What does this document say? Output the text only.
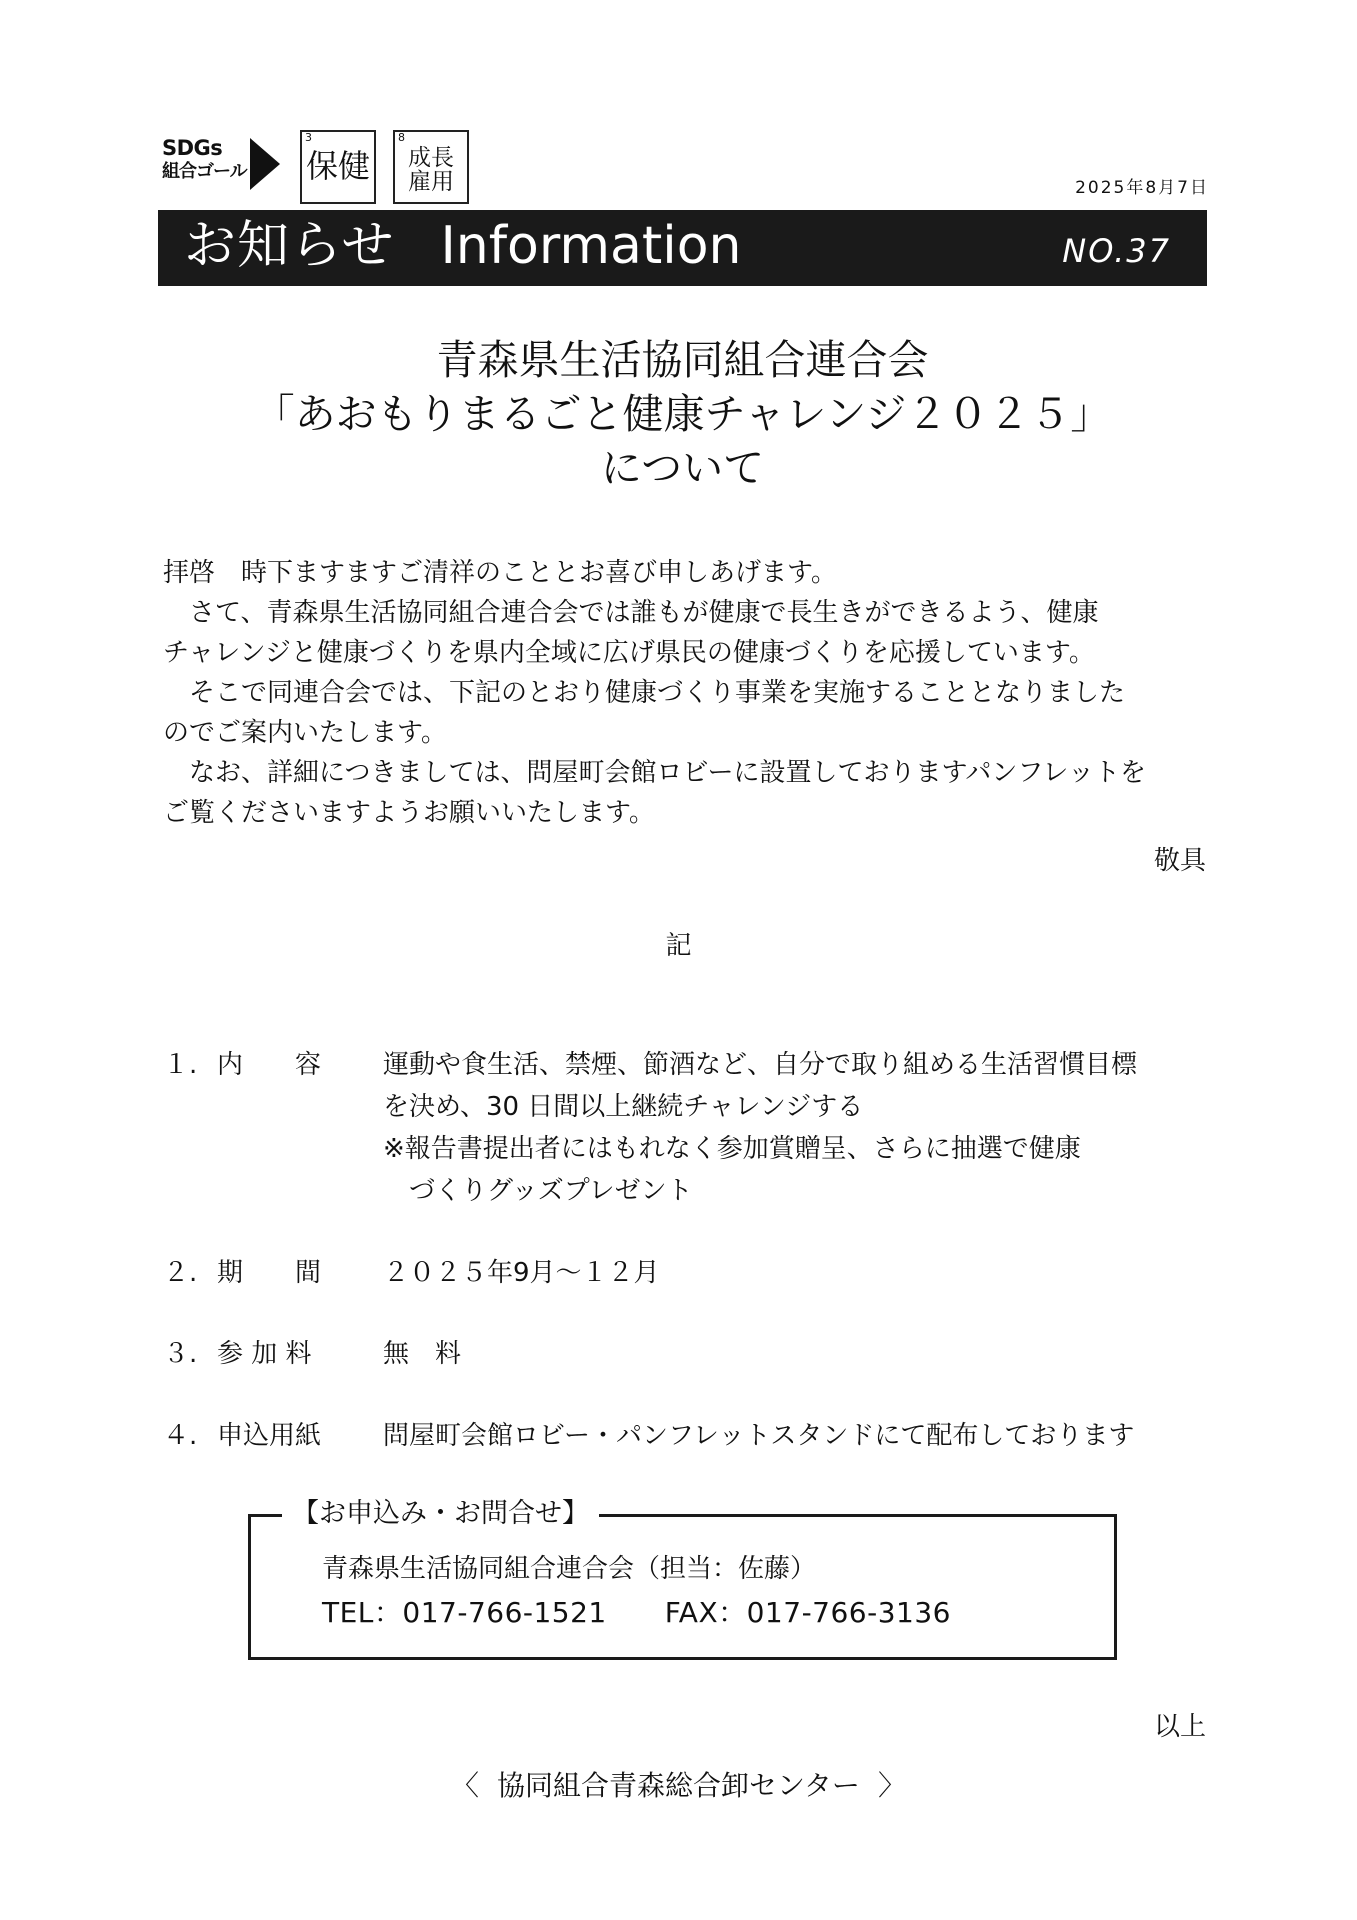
SDGs
組合ゴール
3
保健
8
成長
雇用	2025年8月7日
お知らせ Information	NO.37
青森県生活協同組合連合会
「あおもりまるごと健康チャレンジ２０２５」
について

拝啓　時下ますますご清祥のこととお喜び申しあげます。

さて、青森県生活協同組合連合会では誰もが健康で長生きができるよう、健康

チャレンジと健康づくりを県内全域に広げ県民の健康づくりを応援しています。

そこで同連合会では、下記のとおり健康づくり事業を実施することとなりました

のでご案内いたします。

なお、詳細につきましては、問屋町会館ロビーに設置しておりますパンフレットを

ご覧くださいますようお願いいたします。

敬具
記
１. 内　　容	運動や食生活、禁煙、節酒など、自分で取り組める生活習慣目標

を決め、30 日間以上継続チャレンジする

※報告書提出者にはもれなく参加賞贈呈、さらに抽選で健康

づくりグッズプレゼント

２. 期　　間	２０２５年9月～１２月
３. 参 加 料	無　料
４. 申込用紙	問屋町会館ロビー・パンフレットスタンドにて配布しております
【お申込み・お問合せ】
青森県生活協同組合連合会（担当：佐藤）
TEL：017-766-1521 FAX：017-766-3136
以上
〈 協同組合青森総合卸センター 〉
